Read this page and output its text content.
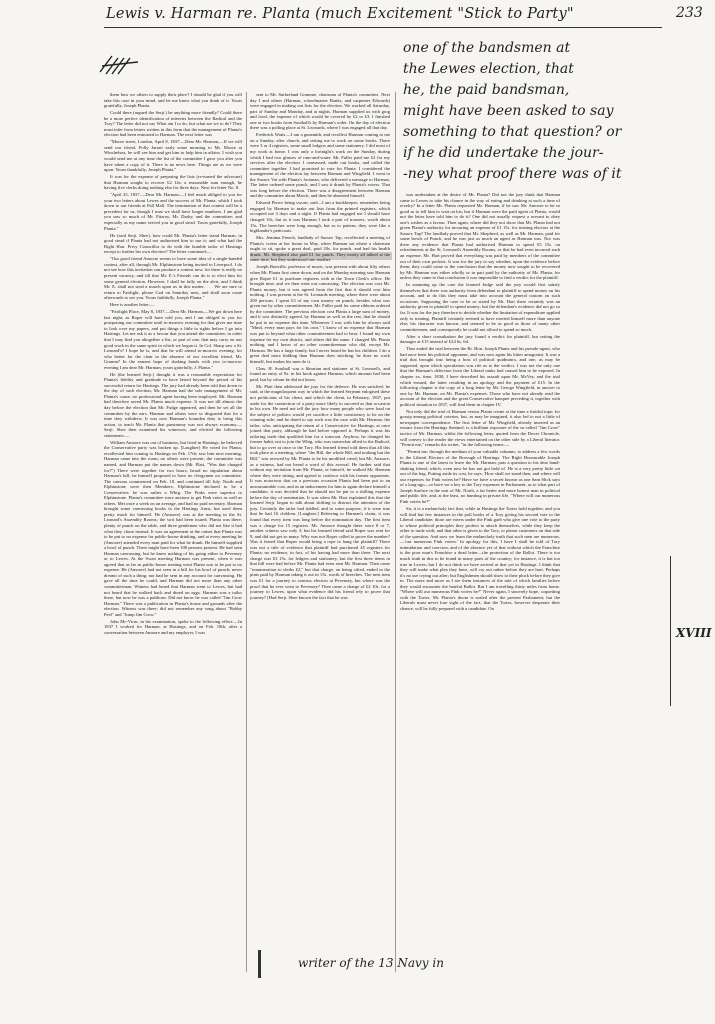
Lewis v. Harman re. Planta (much Excitement "Stick to Party"	233
one of the bandsmen at
the Lewes election, that
he, the paid bandsman,
might have been asked to say
something to that question? or
if he did undertake the jour-
-ney what proof there was of it

them how we others to supply their place? I should be glad if you will take this case in your mind, and let me know what you think of it. Yours gratefully, Joseph Planta.

Could there (argued the Serjt.) be anything more friendly? Could there be a more perfect identification of interests between the Radical and the Tory? The letter did not say What am I to do, but what are we to do? They must infer from letters written in this form that the management of Planta's election had been entrusted to Harman. The next letter was

"Moore street, London, April 8, 1837.—Dear Mr. Harman,—If we will send our friend, Polly Jarratt early some morning to Mr. Moore at Winchelsea, he will see him and get him to help him in affairs. I wish you would send me at any time the list of the committee I gave you after you have taken a copy of it. There is no news here. Things are as we were upon. Yours thankfully, Joseph Planta."

It was for the expense of preparing the lists (re-turned the advocate) that Harman sought to recover £2 14s; a reasonable sum enough, he having five clerks doing nothing else for three days. Next for letter No. 8.

"April 25, 1837.—Dear Mr. Harman,—I feel much obliged to you for your two letters about Lewes and the success of Mr. Planta, which I took down to our friends at Pall Mall. The termination of that contest will be a precedent for us, though I trust we shall have longer numbers. I am glad you saw so much of Mr. Fitzroy, Mr. Darby, and the committee; and especially as my name served you in good stead. Yours gratefully, Joseph Planta."

He (said Serjt. Shee), how could Mr. Planta's letter stand Harman, in good stead if Planta had not authorised him to use it; and what had the Right Hon. Privy Councillor to do with the humble tailor of Hastings except to further his own election? The letter continued:—

"Our good friend Amoore seems to have some idea of a single-handed contest, after all, through Mr. Elphinstone being invited to Liverpool. I do not see how this invitation can produce a contest now, for there is really no present vacancy, and till that Mr. E.'s Friends can do is to elect him for some general election. However, I shall be fully on the alert, and I think Mr. E. shall not steal a march upon us in this matter. . . . We are sure to return to Fairlight, please God on Saturday next, and shall soon come afterwards to see you. Yours faithfully, Joseph Planta."

Here is another letter:—

"Fairlight Place, May 8, 1837.—Dear Mr. Harman,—We got down here last night, as Roper will have told you, and I am obliged to you for postponing our committee until to-morrow evening for that gives me time to look over my papers, and put things a little to rights before I go into Hastings. Let me ask it as a favour that you attend the committee, in order that I may find you altogether a list, or part of one, that may carry on our good work in the same spirit in which we began it. In Col. Sharp saw a St. Leonard's? I hope he is, and that he will attend to-morrow evening, for who better for the chair in the absence of our excellent friend, Mr. Gramm? In the earnest hope of shaking hands with you to-morrow evening I am dear Mr. Harman, yours gratefully, J. Planta."

He (the learned Serjt.) thought it was a reasonable expectation for Planta's fidelity and gratitude to have lasted beyond the period of his successful return for Hastings. The jury had already been told that down to the day of such election, Mr. Harman had the sole management of Mr. Planta's cause, no professional agent having been employed. Mr. Harman had therefore saved Mr. Planta much expense. It was not till almost the day before the election that Mr. Fudge appeared, and then he set all the committee by the ears. Harman and others were so disgusted that for a time they withdrew. It was now Harman's bounden duty to bring this action, to teach Mr. Planta that parsimony was not always economy.—Serjt. Shee then examined his witnesses, and elicited the following statements:—

William Amoore was out of business, but lived in Hastings; he believed the Conservative party was broken up. [Laughter] He voted for Planta; recollected him coming to Hastings on Feb. 17th; saw him next morning. Harman came into the room; no others were present; the committee was named, and Harman put the names down (Mr. Platt, "Was that charged for?") There were together for two hours; heard no stipulation about Harman's bill; he himself proposed to have no clergymen on committee. The canvass commenced on Feb. 18, and continued till July. North and Elphinstone were then Members; Elphinstone declared to be a Conservative; he was rather a Whig: The Finks were superior to Elphinstone. Planta's committee were anxious to get Fink votes as well as others. Met once a week on an average, and had no paid secretary. Harman brought some canvassing books to the Hastings Arms, but used them pretty much for himself. He (Amoore) was at the meeting in the St. Leonard's Assembly Rooms; the writ had been issued; Planta was there; plenty of punch on the table, and three gentlemen who did not like it had what they chose instead. It was an agreement at the outset that Planta was to be put to no expense for public-house drinking, and at every meeting he (Amoore) attended every man paid for what he drank. He himself supplied a bowl of punch. There might have been 100 persons present. He had seen Harman canvassing, but he knew nothing of his going either to Pevensey or to Lewes. At the Swan meeting Harman was present, when it was agreed that as far as public-house treating went Planta was to be put to no expense. He (Amoore) had not seen in a bill for his bowl of punch; never dreamt of such a thing; nor had he sent in any account for canvassing. He gave all the time he could, and Harman did not more than any other committeeman. Witness had heard that Harman went to Lewes, but had not heard that he walked back and dined on eggs. Harman was a tailor there, but now he was a publican. Did not know he was called "Jim Crow Harman." There was a publication in Planta's house and grounds after the election. Witness was there; did not remember any song about "Bobby Peel" and "Jump Jim Crow."

John Mc-Vicar, in his examination, spoke to the following effect:—In 1837 I worked for Harman, at Hastings, and on Feb. 18th, after a conversation between Amoore and my employer, I was

sent to Mr. Sutherland Gramme, chairman of Planta's committee. Next day I and others (Harman, schoolmaster Banks, and carpenter Edwards) were engaged in making out lists for the election. We worked all Saturday, part of Sunday and Monday, and at nights. Harman supplied us with grog and food, the expense of which would be covered by £2 or £3. I finished one or two books from Southall's by Harman's order. On the day of election there was a polling place at St. Leonards, where I was engaged all that day.

Frederick Watts.—I am a gunsmith, and recollect Harman coming to me on a Sunday, after church, and setting me to work on some books. There were 3 or 4 registers, some small lodgers and some stationery. I did most of my work at home. I was only a fortnight's work on the Sunday, during which I had two glasses of rum-and-water. Mr. Fuller paid me £2 for my services after the election. I canvassed, made out books, and called the committee together. I had promised to vote for Planta. I considered the management of the election lay between Harman and Wingfield. I went to the Sussex Vat with Planta's footman, who delivered a message to Harman. The latter ordered some punch, and I saw it drunk by Planta's voters. That was long before the election. There was a disagreement between Harman and the committee about March, and then he absented himself.

Edward Pierce being sworn, said—I am a bookkeeper; remember being engaged by Harman to make out lists from the printed registers, which occupied me 3 days and a night. If Planta had engaged me I should have charged 10s, but as it was Harman I took a pair of trousers, worth about 15s. The breeches were long enough, but as to pattern, they were like a highlander's petticoats.

Mrs. Jemima French, landlady of Sussex Tap, recollected a meeting of Planta's voters at her house in May, when Harman sat where a chairman ought to sit, spoke a great deal, paid 20s. for punch, and had his health drunk. Mr. Shepherd also paid £1 for punch. They nearly all talked at the same time, but they understood one another.

Joseph Bonville, professor of music, was present with about fifty others when Mr. Planta first came down, and on the Monday morning saw Harman give Roper £1 to purchase registers with at the Town Clerk's office. He brought nine, and we then went out canvassing. The election was cost Mr. Planta money, but it was agreed from the first that it should cost him nothing. I was present at the St. Leonards meeting, where there were about 200 persons. I spent £3 of my own money on punch, besides what was given me by other committeemen. Mr. Fuller paid for some ribbons ordered by the committee. The previous election cost Planta a large sum of money, and it was distinctly agreed, by Harman as well as the rest, that he should be put to no expense this time. Whenever I was with him he always said "Mind, every man pays for his own." I know of no expense that Harman was put to beyond what other committeemen had to bear. I found my own expense for my own district, and others did the same. I charged Mr. Planta nothing, and I know of no other committeeman who did, except Mr. Harman. He has a large family, but I never heard he has his children. I do a great deal more bidding than Harman does stitching, he does no work himself, but makes his men do it.

Chas. H. Southall was a librarian and stationer at St. Leonard's, and found an entry of 8s. in his book against Harman, which amount had been paid, but by whom he did not know.

Mr. Platt then addressed the jury for the defence. He was satisfied, he said, at the magniloquent way in which the learned Serjeant eulogised these not politicians of his client, and which the client, in February, 1837, put aside for the connection of a party more likely to succeed as that occasion in his own. He need not tell the jury how many people who were loud on the subject of politics would yet sacrifice a little consistency to be on the winning side; and he dared to say such was the case with Mr. Harman, the tailor, who, anticipating the return of a Conservative for Hastings, at once joined that party, although he had before opposed it. Perhaps it was his tailoring trade that qualified him for a turncoat. Anyhow, he changed his former habit, not to join the Whig, who was somewhat allied to the Radical, but to go over at once to the Tory. His learned friend told them that all this took place at a meeting, where "the Bill, the whole Bill, and nothing but the Bill," was avowed by Mr. Planta to be his modified creed; but Mr. Amoore, as a witness, had not heard a word of this avowal. He further said that without any invitation from Mr. Planta, or himself, he walked Mr. Harman where they were sitting, and agreed to coalesce with his former opponents. It was notorious that on a previous occasion Planta had been put to an unwarrantable cost, and as an inducement for him to again declare himself a candidate, it was decided that he should not be put to a shilling expense before the day of nomination. It was when Mr. Hart explained this that the learned Serjt. began to talk about shifting to distract the attention of the jury. Certainly the tailor had tiddled, and to some purpose, if it were true that he had 16 children. [Laughter.] Referring to Harman's claim, it was found that every item was long before the nomination day. The first item was a charge for 15 registers. Mr. Amoore thought there were 8 or 7, another witness saw only 3; but his learned friend said Roper was sent for 9, and did not get so many. Why was not Roper called to prove the number? Was it feared that Roper would bring a rope to hang the plaintiff? There was not a title of evidence that plaintiff had purchased 45 registers for Planta; no evidence, in fact, of his having had more than three. The next charge was £3 15s. for ledgers and stationery, but the first three items in that bill were had before Mr. Planta had even sent Mr. Harman. Then came "remuneration to clerks £2," but that charge, on being sifted, ended in the pints paid by Harman taking it out in 15s. worth of breeches. The next item was £1 for a journey to canvass electors at Pevensey, but where was the proof that he ever went to Pevensey? Then came a charge of £2 10s. for a journey to Lewes; upon what evidence did his friend rely to prove that journey? [Had Serjt. Shee known the fact that he was

was undertaken at the desire of Mr. Planta? Did not the jury think that Harman came to Lewes to take his chance in the way of eating and drinking at such a time of revelry? In a letter Mr. Planta requested Mr. Harman, if he saw Mr. Amoore to be so good as to tell him to wait on his; but if Harman were the paid agent of Planta, would not the letter have told him to do it? One did not usually request a servant to obey one's wishes as a favour. Then again, where did they not show that Mr. Planta had not given Planta's authority for incurring an expense of £1 15s. for treating electors at the Sussex Tap? The landlady proved that Mr. Shepherd, as well as Mr. Harman, paid for some bowls of Punch, and he was just as much an agent as Harman was. Nor was there any evidence that Planta had authorised Harman to spend £5 15s. on refreshments at the St. Leonard's Assembly Rooms, or that he had even incurred such an expense. Mr. Hart proved that everything was paid by members of the committee out of their own pockets. It was for the jury to say whether, upon the evidence before them, they could come to the conclusion that the money now sought to be recovered by Mr. Harman was either wholly or in part paid by the authority of Mr. Planta, for unless they came to that conclusion it was impossible to find a verdict for the plaintiff.

In summing up the case the learned Judge said the jury would first satisfy themselves that there was authority from defendant to plaintiff to spend money on his account, and to do this they must take into account the general custom on such occasions. Supposing the case to be as stated by Mr. Hart there certainly was an authority given to plaintiff to spend money; but the defendant's evidence did not go so far. It was for the jury therefore to decide whether the limitation of expenditure applied only to treating. Plaintiff certainly seemed to have exerted himself more than anyone else; his character was known, and seemed to be as good as those of many other committeemen, and consequently he could not afford to spend so much.

After a short consultation the jury found a verdict for plaintiff, but setting the damages at £15 instead of £24 6s. 6d.

Thus ended the trial between the Rt. Hon. Joseph Planta and his pseudo-agent, who had once been his political opponent, and was now again his bitter antagonist. It was a trial that brought into being a host of political quidnuncs, and one, as may be supposed, upon which speculation was rife as to the verdict. I was not the only one that the Harman's defection from the Liberal ranks had caused him to be exposed. In chapter xx, time, 1838, I have described his assault upon Mr. McVey, and the trial which ensued, the latter resulting in an apology and the payment of £15. In the following chapter is the copy of a long letter by Mr. George Wingfield, in answer to one by Mr. Harman, on Mr. Planta's expenses. Those who have not already read the account of the election and the great Conservative banquet preceding it, together with political situation in 1837, will find them in chapter IV.

Not only did the trial of Harman versus Planta create at the time a fruitful topic for gossip among political coteries, but, as may be imagined, it also led to not a little of newspaper correspondence. The first letter of Mr. Wingfield, already inserted as an extract from the Hastings Sentinel, is a brilliant exposure of the so-called "Jim Crow" tactics of Mr. Harman, whilst the following letter, quoted from the Dover Chronicle, will convey to the reader the views entertained on the other side by a Liberal literator. "Permit me," remarks the writer, "in the following terms:—

"Permit me, through the medium of your valuable columns, to address a few words to the Liberal Electors of the Borough of Hastings. The Right Honourable Joseph Planta is one of the latest to leave the Mr. Harman, puts a question to his dear hand-shaking friend, which, even now he has not got hold of. He is a very pretty little cat out of the bag. Putting aside its cost, he says, 'How shall we stand then, and where will our expenses for Fink voters be? Have we have a secret known as one Sam Slick says of a long-ago—or have we a key to the Tory expenses in Parliament, as to what part of Joseph Surface in the seat of Mr. North, a far better and more honest man in political and public life, and, at the least, no humbug in private life. "Where will our numerous Fink voters be?"

Sir, it is a melancholy fact that, while in Hastings the Tories hold together, and you will find but few instances in the poll books of a Tory giving his second vote to the Liberal candidate; those are voters under the Fink garb who give one vote to the party to whose political principles they profess to attach themselves, while they keep the other to trade with; and that other is given to the Tory, to please customers on that side of the question. And now we learn the melancholy truth that such men are numerous,—'our numerous Fink voters.' In apology for this, I have I shall be told of Tory intimidation and coercion, and of the absence yet of that without which the Franchise is the poor man's Franchise a dead letter—the protection of the Ballot. There is too much truth in this to be found in many parts of the country; for instance, it is but too true in Lewes; but I do not think we have arrived at that yet in Hastings. I think that they will make what plea they have, will cry out rather before they are hurt. Perhaps it's no use crying out after; but Englishmen should show to their pluck before they give in. The more and more as I see them instances of the rule of which families before they would encounter the hateful Ballot. But I am travelling thirty miles from home. "Where will our numerous Fink voters be?" Never again, I sincerely hope, coquetting with the Tories. Mr. Planta's doom is sealed after the present Parliament; but the Liberals must never lose sight of the fact, that the Tories, however desperate their chance, will be fully prepared with a candidate. On

XVIII
writer of the 13 Navy in
